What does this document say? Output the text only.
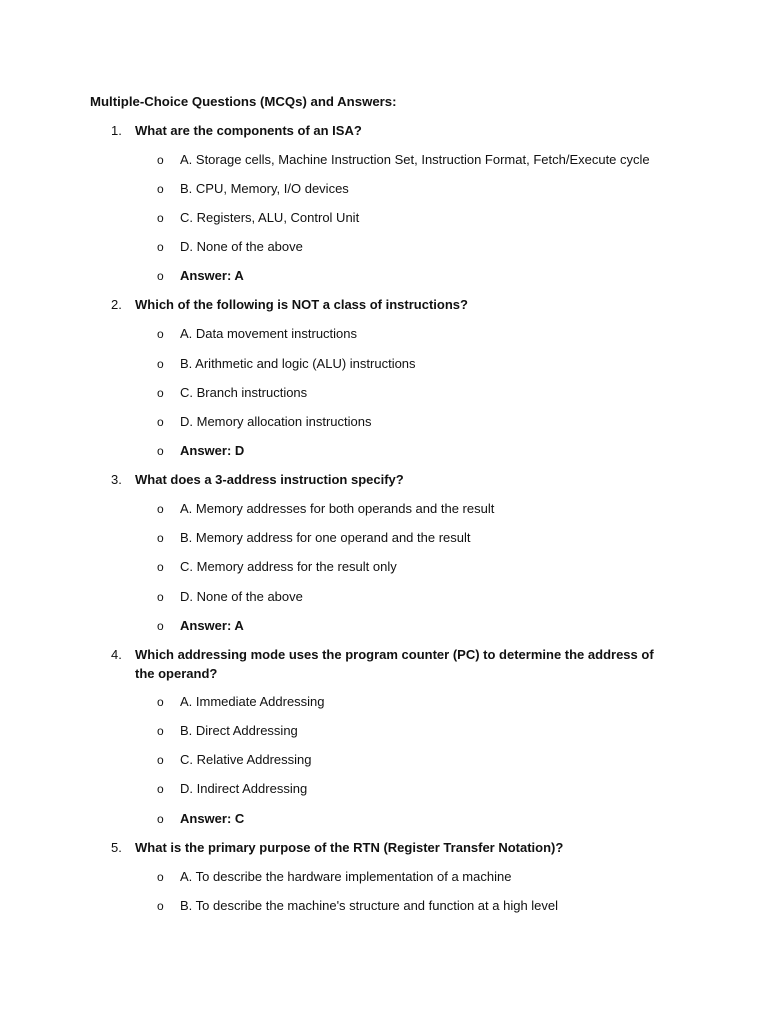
Multiple-Choice Questions (MCQs) and Answers:
1. What are the components of an ISA?
o A. Storage cells, Machine Instruction Set, Instruction Format, Fetch/Execute cycle
o B. CPU, Memory, I/O devices
o C. Registers, ALU, Control Unit
o D. None of the above
o Answer: A
2. Which of the following is NOT a class of instructions?
o A. Data movement instructions
o B. Arithmetic and logic (ALU) instructions
o C. Branch instructions
o D. Memory allocation instructions
o Answer: D
3. What does a 3-address instruction specify?
o A. Memory addresses for both operands and the result
o B. Memory address for one operand and the result
o C. Memory address for the result only
o D. None of the above
o Answer: A
4. Which addressing mode uses the program counter (PC) to determine the address of the operand?
o A. Immediate Addressing
o B. Direct Addressing
o C. Relative Addressing
o D. Indirect Addressing
o Answer: C
5. What is the primary purpose of the RTN (Register Transfer Notation)?
o A. To describe the hardware implementation of a machine
o B. To describe the machine's structure and function at a high level
